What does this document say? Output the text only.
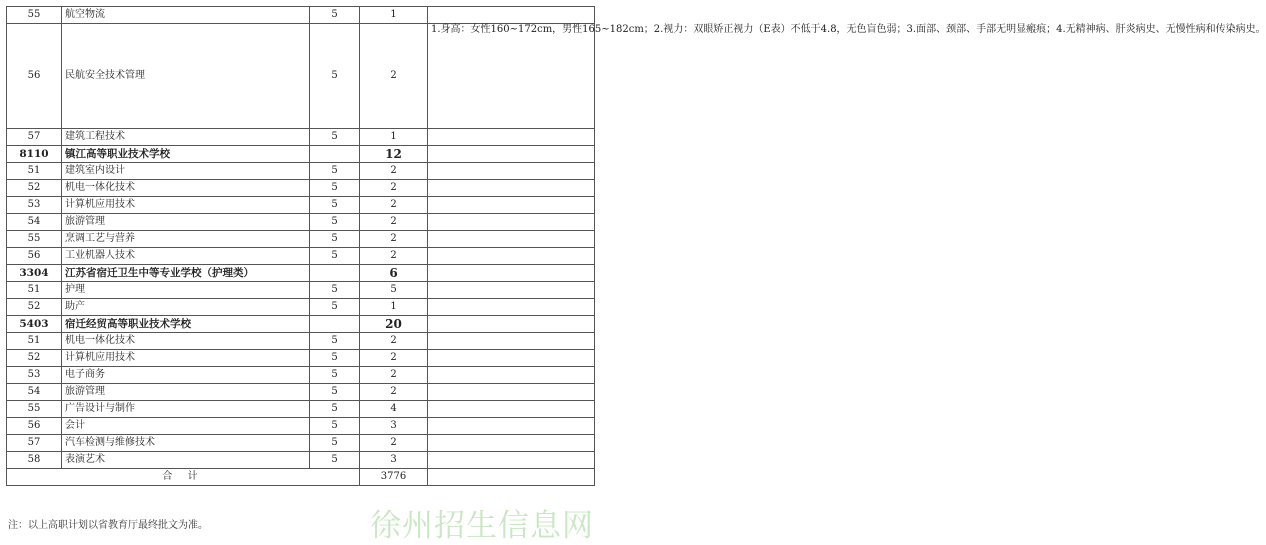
55	航空物流	5	1	
56	民航安全技术管理	5	2	1.身高：女性160~172cm，男性165~182cm；2.视力：双眼矫正视力（E表）不低于4.8，无色盲色弱；3.面部、颈部、手部无明显瘢痕；4.无精神病、肝炎病史、无慢性病和传染病史。
57	建筑工程技术	5	1	
8110	镇江高等职业技术学校		12	
51	建筑室内设计	5	2	
52	机电一体化技术	5	2	
53	计算机应用技术	5	2	
54	旅游管理	5	2	
55	烹调工艺与营养	5	2	
56	工业机器人技术	5	2	
3304	江苏省宿迁卫生中等专业学校（护理类）		6	
51	护理	5	5	
52	助产	5	1	
5403	宿迁经贸高等职业技术学校		20	
51	机电一体化技术	5	2	
52	计算机应用技术	5	2	
53	电子商务	5	2	
54	旅游管理	5	2	
55	广告设计与制作	5	4	
56	会计	5	3	
57	汽车检测与维修技术	5	2	
58	表演艺术	5	3	
合 计			3776	
注：以上高职计划以省教育厅最终批文为准。	徐州招生信息网
